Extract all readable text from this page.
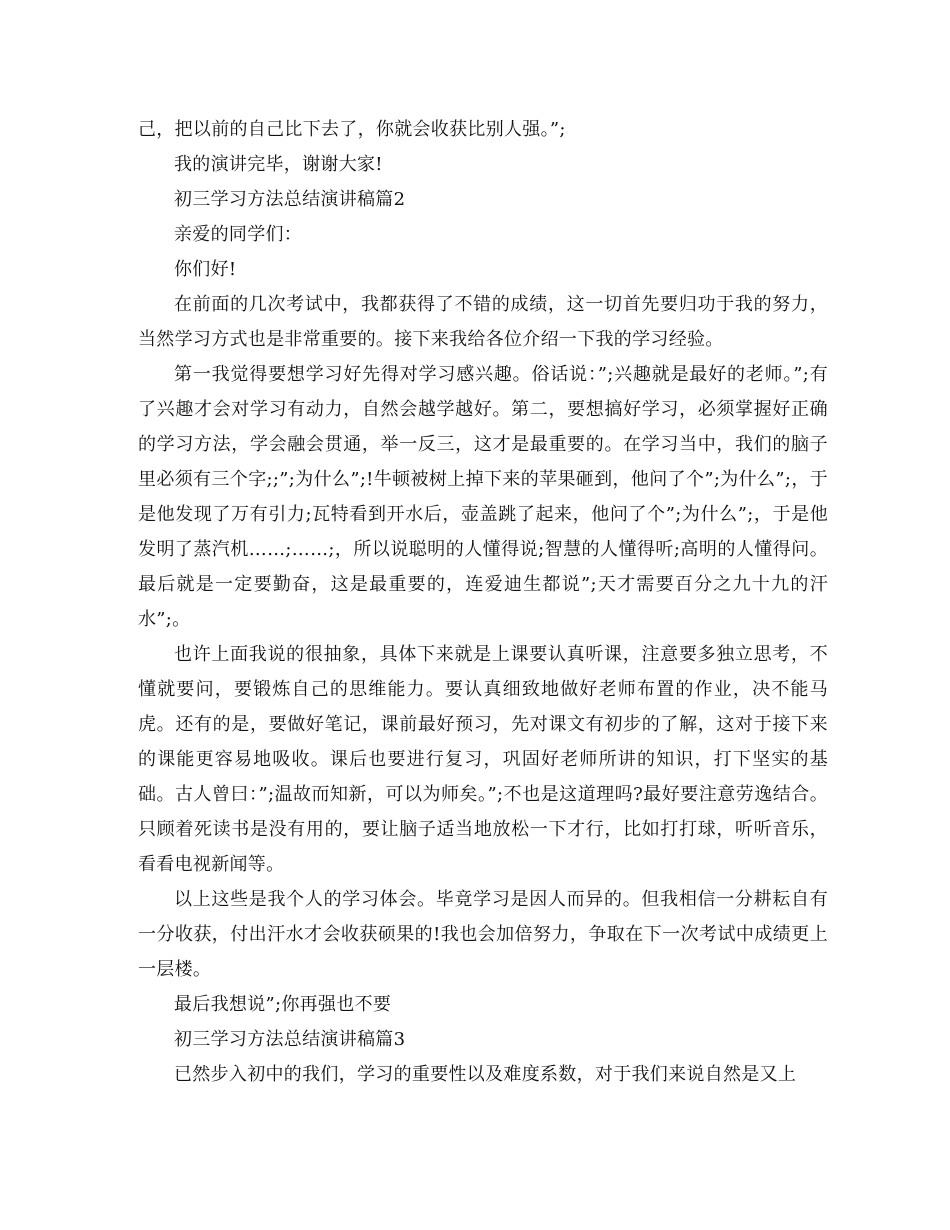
己，把以前的自己比下去了，你就会收获比别人强。”;

我的演讲完毕，谢谢大家!

初三学习方法总结演讲稿篇2

亲爱的同学们：

你们好!

在前面的几次考试中，我都获得了不错的成绩，这一切首先要归功于我的努力，当然学习方式也是非常重要的。接下来我给各位介绍一下我的学习经验。

第一我觉得要想学习好先得对学习感兴趣。俗话说：”;兴趣就是最好的老师。”;有了兴趣才会对学习有动力，自然会越学越好。第二，要想搞好学习，必须掌握好正确的学习方法，学会融会贯通，举一反三，这才是最重要的。在学习当中，我们的脑子里必须有三个字;;”;为什么”;!牛顿被树上掉下来的苹果砸到，他问了个”;为什么”;，于是他发现了万有引力;瓦特看到开水后，壶盖跳了起来，他问了个”;为什么”;，于是他发明了蒸汽机……;……;，所以说聪明的人懂得说;智慧的人懂得听;高明的人懂得问。最后就是一定要勤奋，这是最重要的，连爱迪生都说”;天才需要百分之九十九的汗水”;。

也许上面我说的很抽象，具体下来就是上课要认真听课，注意要多独立思考，不懂就要问，要锻炼自己的思维能力。要认真细致地做好老师布置的作业，决不能马虎。还有的是，要做好笔记，课前最好预习，先对课文有初步的了解，这对于接下来的课能更容易地吸收。课后也要进行复习，巩固好老师所讲的知识，打下坚实的基础。古人曾曰：”;温故而知新，可以为师矣。”;不也是这道理吗?最好要注意劳逸结合。只顾着死读书是没有用的，要让脑子适当地放松一下才行，比如打打球，听听音乐，看看电视新闻等。

以上这些是我个人的学习体会。毕竟学习是因人而异的。但我相信一分耕耘自有一分收获，付出汗水才会收获硕果的!我也会加倍努力，争取在下一次考试中成绩更上一层楼。

最后我想说”;你再强也不要

初三学习方法总结演讲稿篇3

已然步入初中的我们，学习的重要性以及难度系数，对于我们来说自然是又上
